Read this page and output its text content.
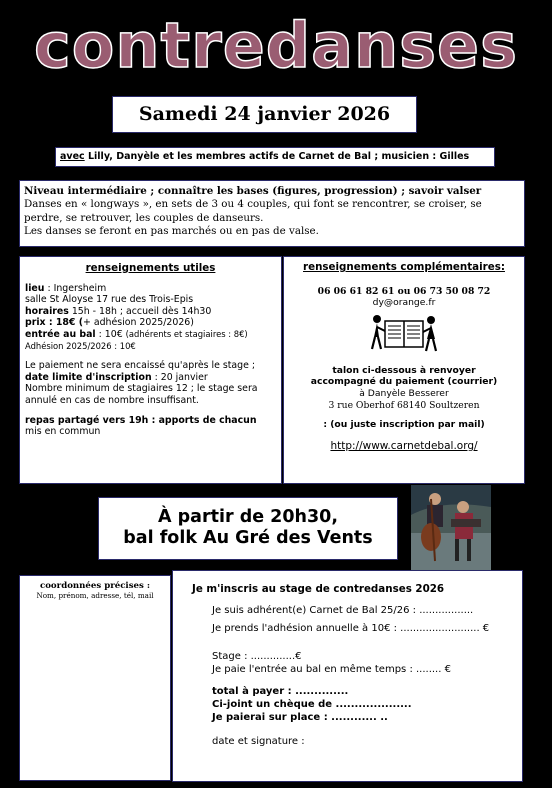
contredanses
Samedi 24 janvier 2026
avec Lilly, Danyèle et les membres actifs de Carnet de Bal ; musicien : Gilles
Niveau intermédiaire ; connaître les bases (figures, progression) ; savoir valser
Danses en « longways », en sets de 3 ou 4 couples, qui font se rencontrer, se croiser, se perdre, se retrouver, les couples de danseurs.
Les danses se feront en pas marchés ou en pas de valse.
renseignements utiles
lieu : Ingersheim
salle St Aloyse 17 rue des Trois-Epis
horaires 15h - 18h ; accueil dès 14h30
prix : 18€ (+ adhésion 2025/2026)
entrée au bal : 10€ (adhérents et stagiaires : 8€)
Adhésion 2025/2026 : 10€
Le paiement ne sera encaissé qu'après le stage ;
date limite d'inscription : 20 janvier
Nombre minimum de stagiaires 12 ; le stage sera annulé en cas de nombre insuffisant.
repas partagé vers 19h : apports de chacun
mis en commun
renseignements complémentaires:
06 06 61 82 61 ou 06 73 50 08 72
dy@orange.fr
talon ci-dessous à renvoyer
accompagné du paiement (courrier)
à Danyèle Besserer
3 rue Oberhof 68140 Soultzeren
: (ou juste inscription par mail)
http://www.carnetdebal.org/
À partir de 20h30,
bal folk Au Gré des Vents
coordonnées précises :
Nom, prénom, adresse, tél, mail
Je m'inscris au stage de contredanses 2026
Je suis adhérent(e) Carnet de Bal 25/26 : .................
Je prends l'adhésion annuelle à 10€ : ......................... €
Stage : ..............€
Je paie l'entrée au bal en même temps : ........ €
total à payer : ..............
Ci-joint un chèque de ....................
Je paierai sur place : ............ ..
date et signature :
